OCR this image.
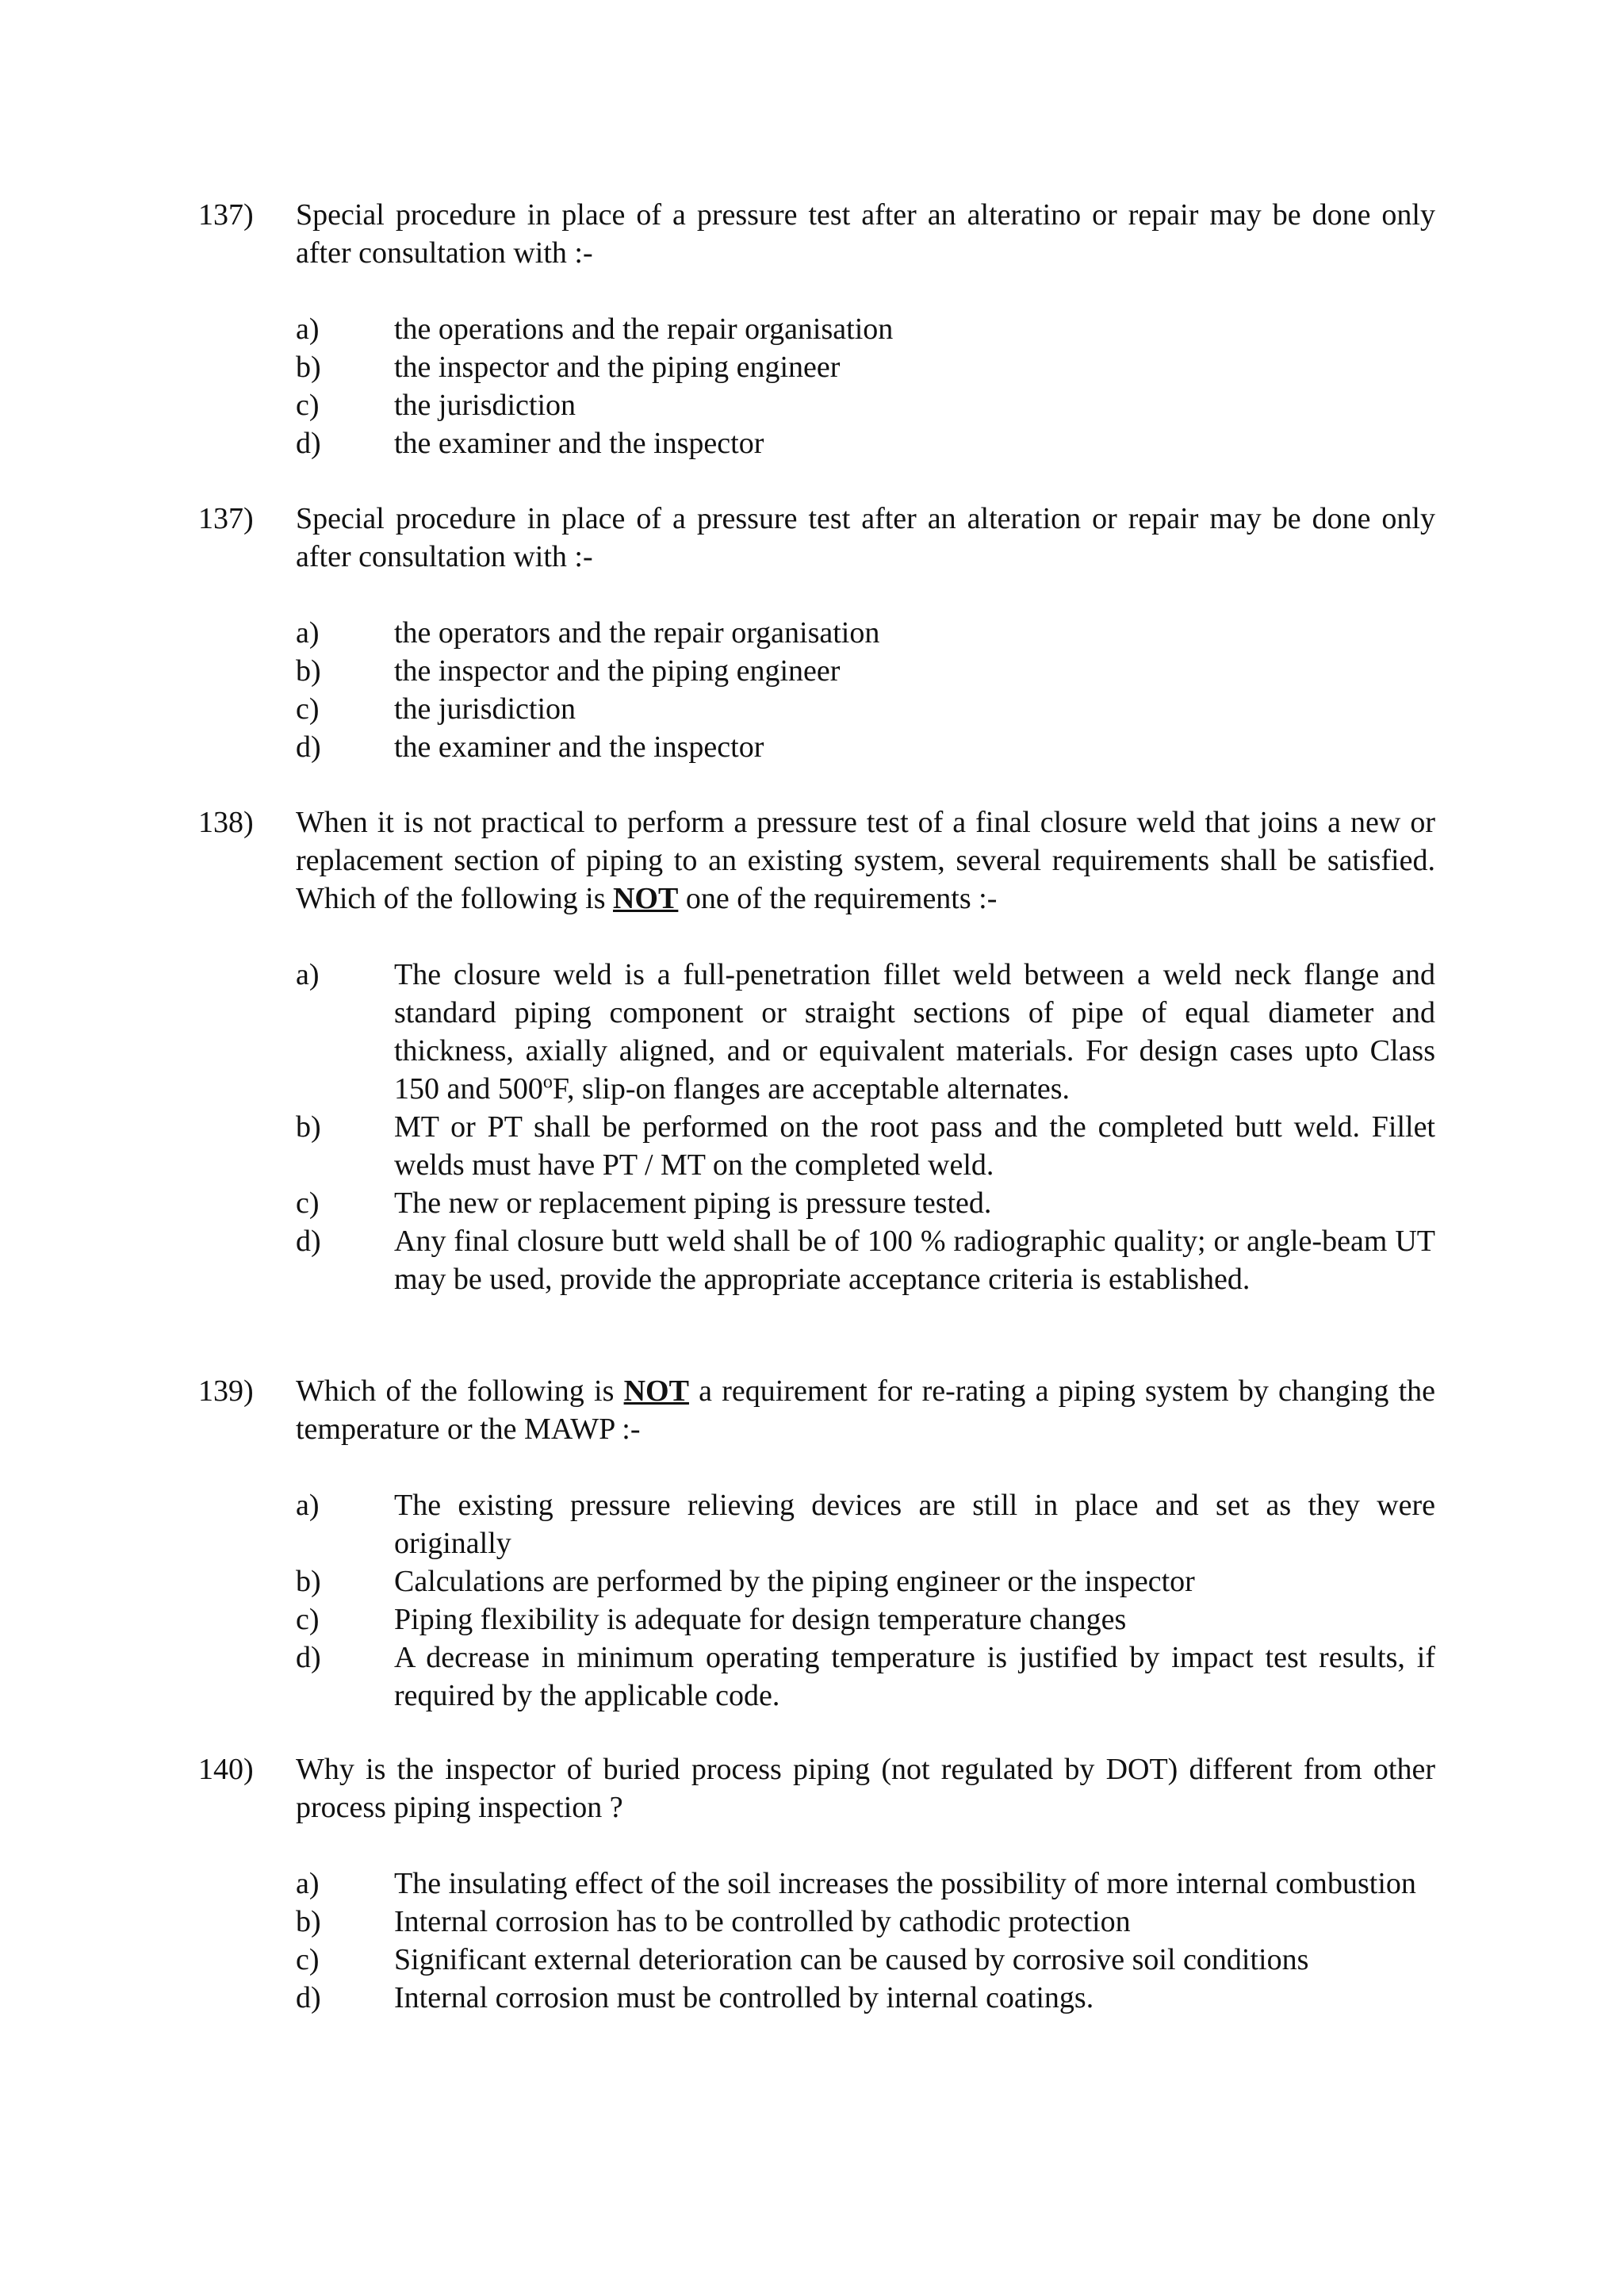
137)	Special procedure in place of a pressure test after an alteratino or repair may be done only after consultation with :-
a)	the operations and the repair organisation
b)	the inspector and the piping engineer
c)	the jurisdiction
d)	the examiner and the inspector
137)	Special procedure in place of a pressure test after an alteration or repair may be done only after consultation with :-
a)	the operators and the repair organisation
b)	the inspector and the piping engineer
c)	the jurisdiction
d)	the examiner and the inspector
138)	When it is not practical to perform a pressure test of a final closure weld that joins a new or replacement section of piping to an existing system, several requirements shall be satisfied. Which of the following is NOT one of the requirements :-
a)	The closure weld is a full-penetration fillet weld between a weld neck flange and standard piping component or straight sections of pipe of equal diameter and thickness, axially aligned, and or equivalent materials. For design cases upto Class 150 and 500$^o$F, slip-on flanges are acceptable alternates.
b)	MT or PT shall be performed on the root pass and the completed butt weld. Fillet welds must have PT / MT on the completed weld.
c)	The new or replacement piping is pressure tested.
d)	Any final closure butt weld shall be of 100 % radiographic quality; or angle-beam UT may be used, provide the appropriate acceptance criteria is established.
139)	Which of the following is NOT a requirement for re-rating a piping system by changing the temperature or the MAWP :-
a)	The existing pressure relieving devices are still in place and set as they were originally
b)	Calculations are performed by the piping engineer or the inspector
c)	Piping flexibility is adequate for design temperature changes
d)	A decrease in minimum operating temperature is justified by impact test results, if required by the applicable code.
140)	Why is the inspector of buried process piping (not regulated by DOT) different from other process piping inspection ?
a)	The insulating effect of the soil increases the possibility of more internal combustion
b)	Internal corrosion has to be controlled by cathodic protection
c)	Significant external deterioration can be caused by corrosive soil conditions
d)	Internal corrosion must be controlled by internal coatings.
